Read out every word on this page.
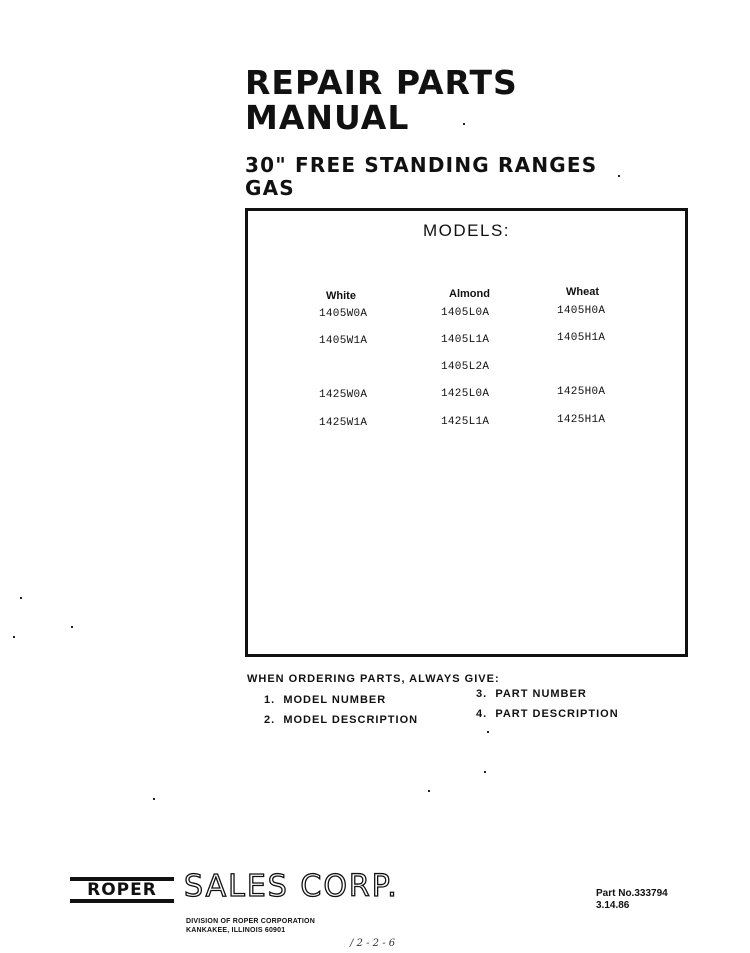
REPAIR PARTS
MANUAL
30" FREE STANDING RANGES
GAS
MODELS:
White	Almond	Wheat
1405W0A
1405W1A
1425W0A
1425W1A
1405L0A
1405L1A
1405L2A
1425L0A
1425L1A
1405H0A
1405H1A
1425H0A
1425H1A
WHEN ORDERING PARTS, ALWAYS GIVE:
1. MODEL NUMBER
2. MODEL DESCRIPTION
3. PART NUMBER
4. PART DESCRIPTION
ROPER SALES CORP.
DIVISION OF ROPER CORPORATION
KANKAKEE, ILLINOIS 60901
Part No.333794
3.14.86
/ 2 - 2 - 6
